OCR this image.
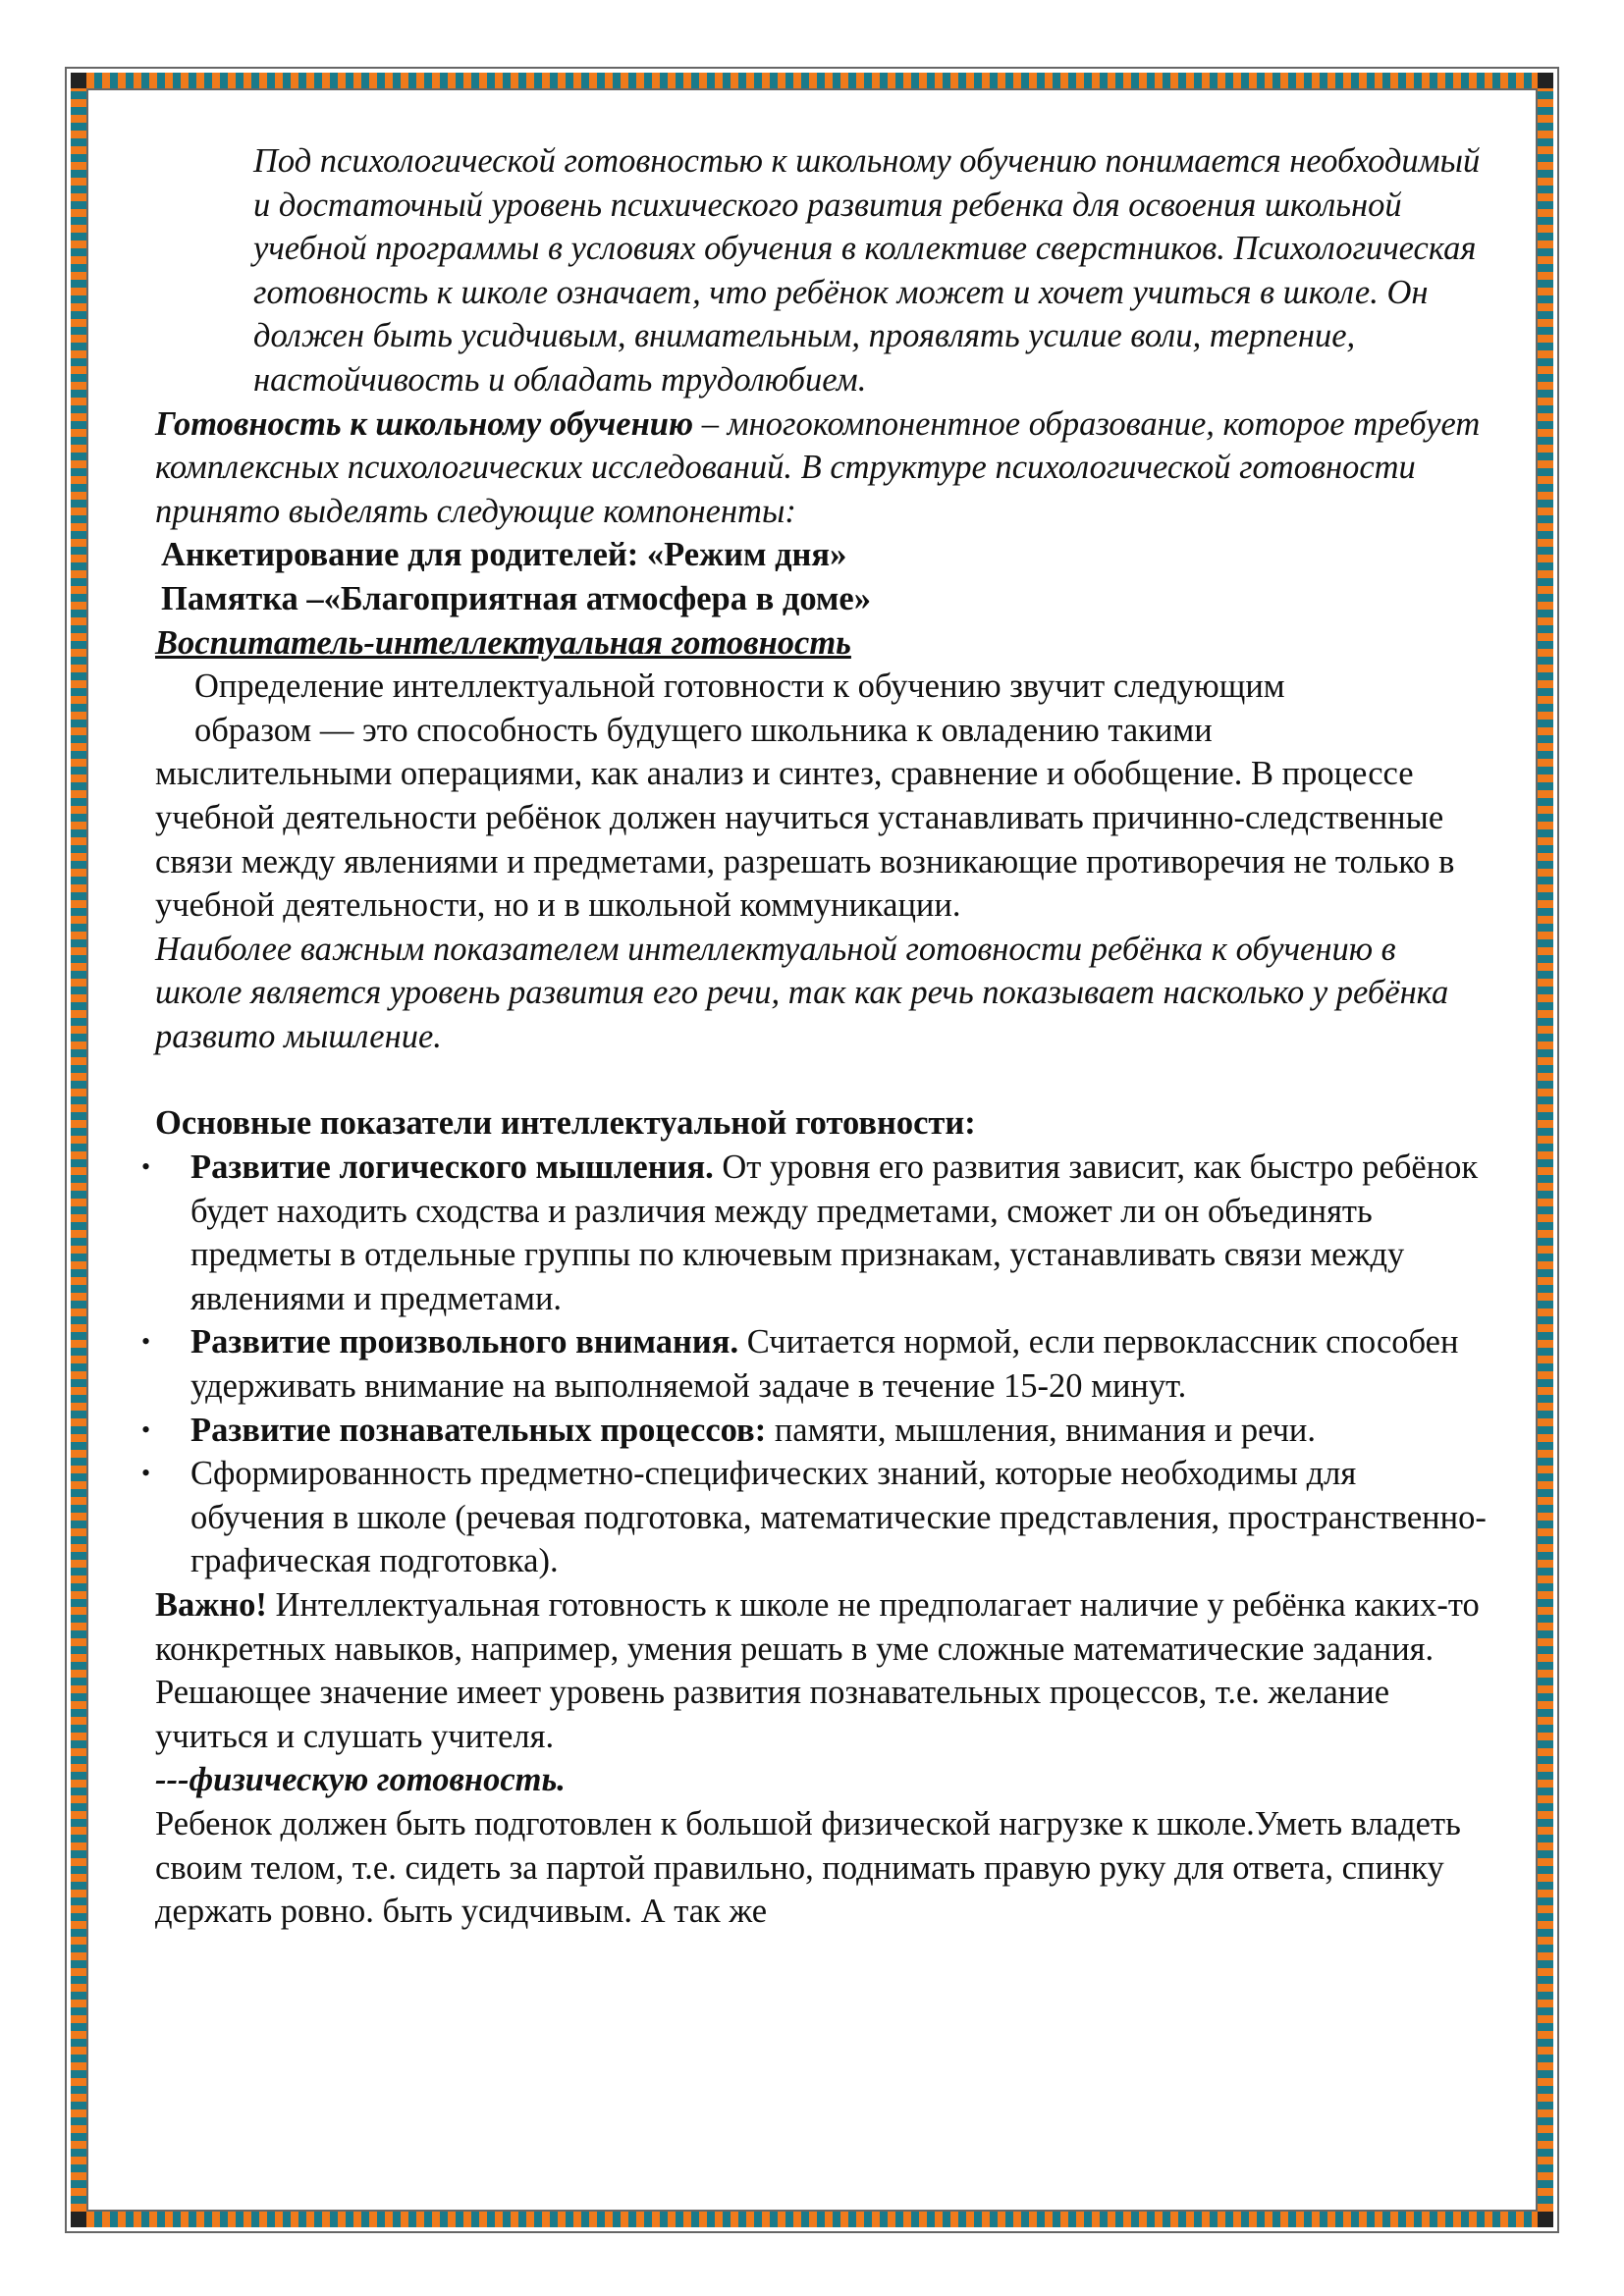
Под психологической готовностью к школьному обучению понимается необходимый и достаточный уровень психического развития ребенка для освоения школьной учебной программы в условиях обучения в коллективе сверстников. Психологическая готовность к школе означает, что ребёнок может и хочет учиться в школе. Он должен быть усидчивым, внимательным, проявлять усилие воли, терпение, настойчивость и обладать трудолюбием.

Готовность к школьному обучению – многокомпонентное образование, которое требует комплексных психологических исследований. В структуре психологической готовности принято выделять следующие компоненты:

Анкетирование для родителей: «Режим дня»

Памятка –«Благоприятная атмосфера в доме»

Воспитатель-интеллектуальная готовность

Определение интеллектуальной готовности к обучению звучит следующим

образом — это способность будущего школьника к овладению такими

мыслительными операциями, как анализ и синтез, сравнение и обобщение. В процессе учебной деятельности ребёнок должен научиться устанавливать причинно-следственные связи между явлениями и предметами, разрешать возникающие противоречия не только в учебной деятельности, но и в школьной коммуникации.

Наиболее важным показателем интеллектуальной готовности ребёнка к обучению в школе является уровень развития его речи, так как речь показывает насколько у ребёнка развито мышление.

Основные показатели интеллектуальной готовности:

• Развитие логического мышления. От уровня его развития зависит, как быстро ребёнок будет находить сходства и различия между предметами, сможет ли он объединять предметы в отдельные группы по ключевым признакам, устанавливать связи между явлениями и предметами.
• Развитие произвольного внимания. Считается нормой, если первоклассник способен удерживать внимание на выполняемой задаче в течение 15-20 минут.
• Развитие познавательных процессов: памяти, мышления, внимания и речи.
• Сформированность предметно-специфических знаний, которые необходимы для обучения в школе (речевая подготовка, математические представления, пространственно-графическая подготовка).

Важно! Интеллектуальная готовность к школе не предполагает наличие у ребёнка каких-то конкретных навыков, например, умения решать в уме сложные математические задания. Решающее значение имеет уровень развития познавательных процессов, т.е. желание учиться и слушать учителя.

---физическую готовность.

Ребенок должен быть подготовлен к большой физической нагрузке к школе.Уметь владеть своим телом, т.е. сидеть за партой правильно, поднимать правую руку для ответа, спинку держать ровно. быть усидчивым. А так же
